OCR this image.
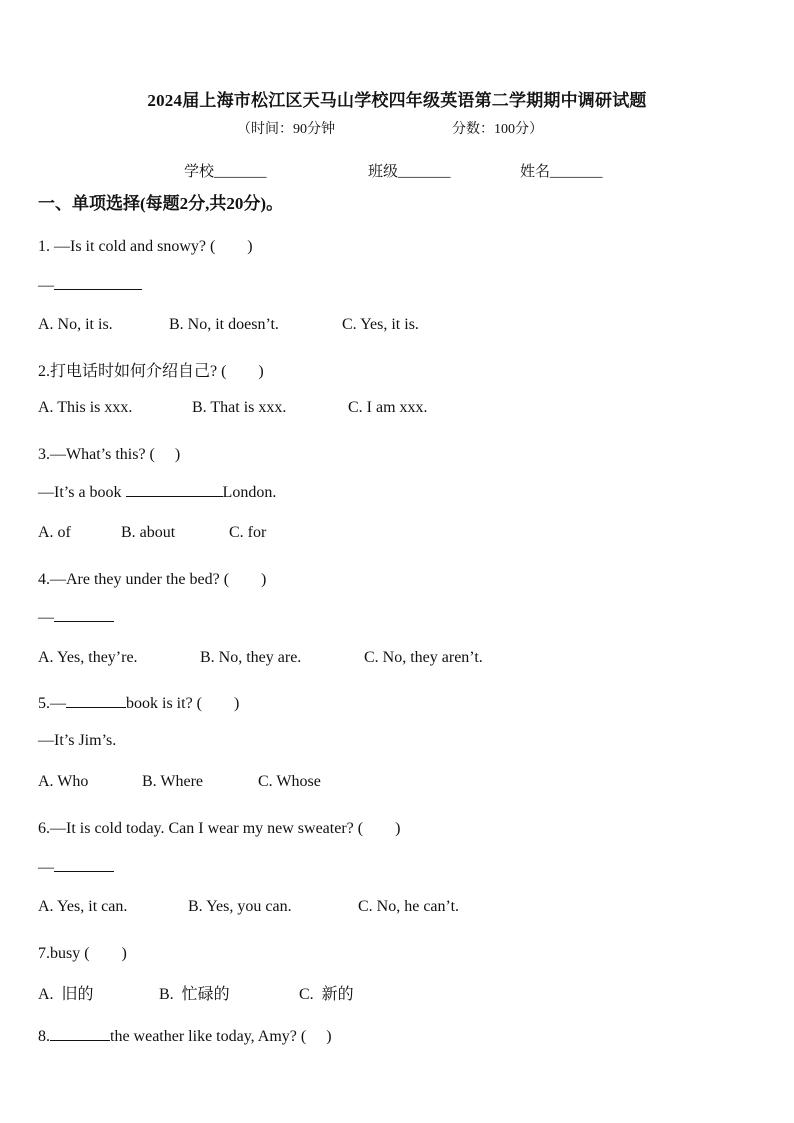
2024届上海市松江区天马山学校四年级英语第二学期期中调研试题
（时间：90分钟	分数：100分）
学校_______	班级_______	姓名_______
一、单项选择(每题2分,共20分)。
1. —Is it cold and snowy? (　　)
—
A. No, it is.	B. No, it doesn’t.	C. Yes, it is.
2.打电话时如何介绍自己? (　　)
A. This is xxx.	B. That is xxx.	C. I am xxx.
3.—What’s this? (　 )
—It’s a book	London.
A. of	B. about	C. for
4.—Are they under the bed? (　　)
—
A. Yes, they’re.	B. No, they are.	C. No, they aren’t.
5.—	book is it? (　　)
—It’s Jim’s.
A. Who	B. Where	C. Whose
6.—It is cold today. Can I wear my new sweater? (　　)
—
A. Yes, it can.	B. Yes, you can.	C. No, he can’t.
7.busy (　　)
A.  旧的	B.  忙碌的	C.  新的
8.	the weather like today, Amy? (　 )
